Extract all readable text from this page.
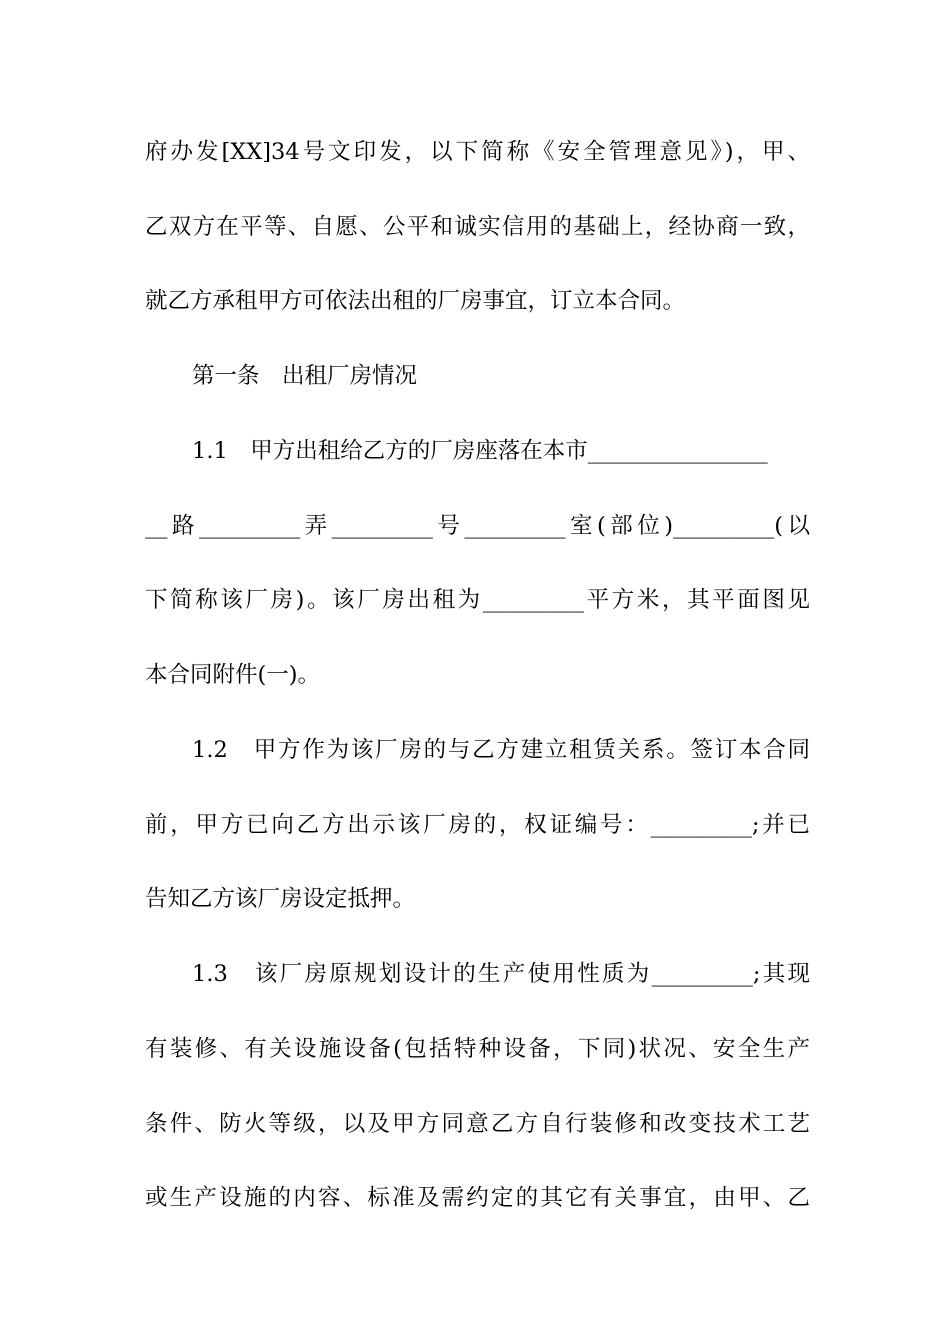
府办发[XX]34号文印发，以下简称《安全管理意见》)，甲、
乙双方在平等、自愿、公平和诚实信用的基础上，经协商一致，
就乙方承租甲方可依法出租的厂房事宜，订立本合同。
第一条　出租厂房情况
1.1　甲方出租给乙方的厂房座落在本市________________
__路_________弄_________号_________室(部位)_________(以
下简称该厂房)。该厂房出租为_________平方米，其平面图见
本合同附件(一)。
1.2　甲方作为该厂房的与乙方建立租赁关系。签订本合同
前，甲方已向乙方出示该厂房的，权证编号：_________;并已
告知乙方该厂房设定抵押。
1.3　该厂房原规划设计的生产使用性质为_________;其现
有装修、有关设施设备(包括特种设备，下同)状况、安全生产
条件、防火等级，以及甲方同意乙方自行装修和改变技术工艺
或生产设施的内容、标准及需约定的其它有关事宜，由甲、乙
